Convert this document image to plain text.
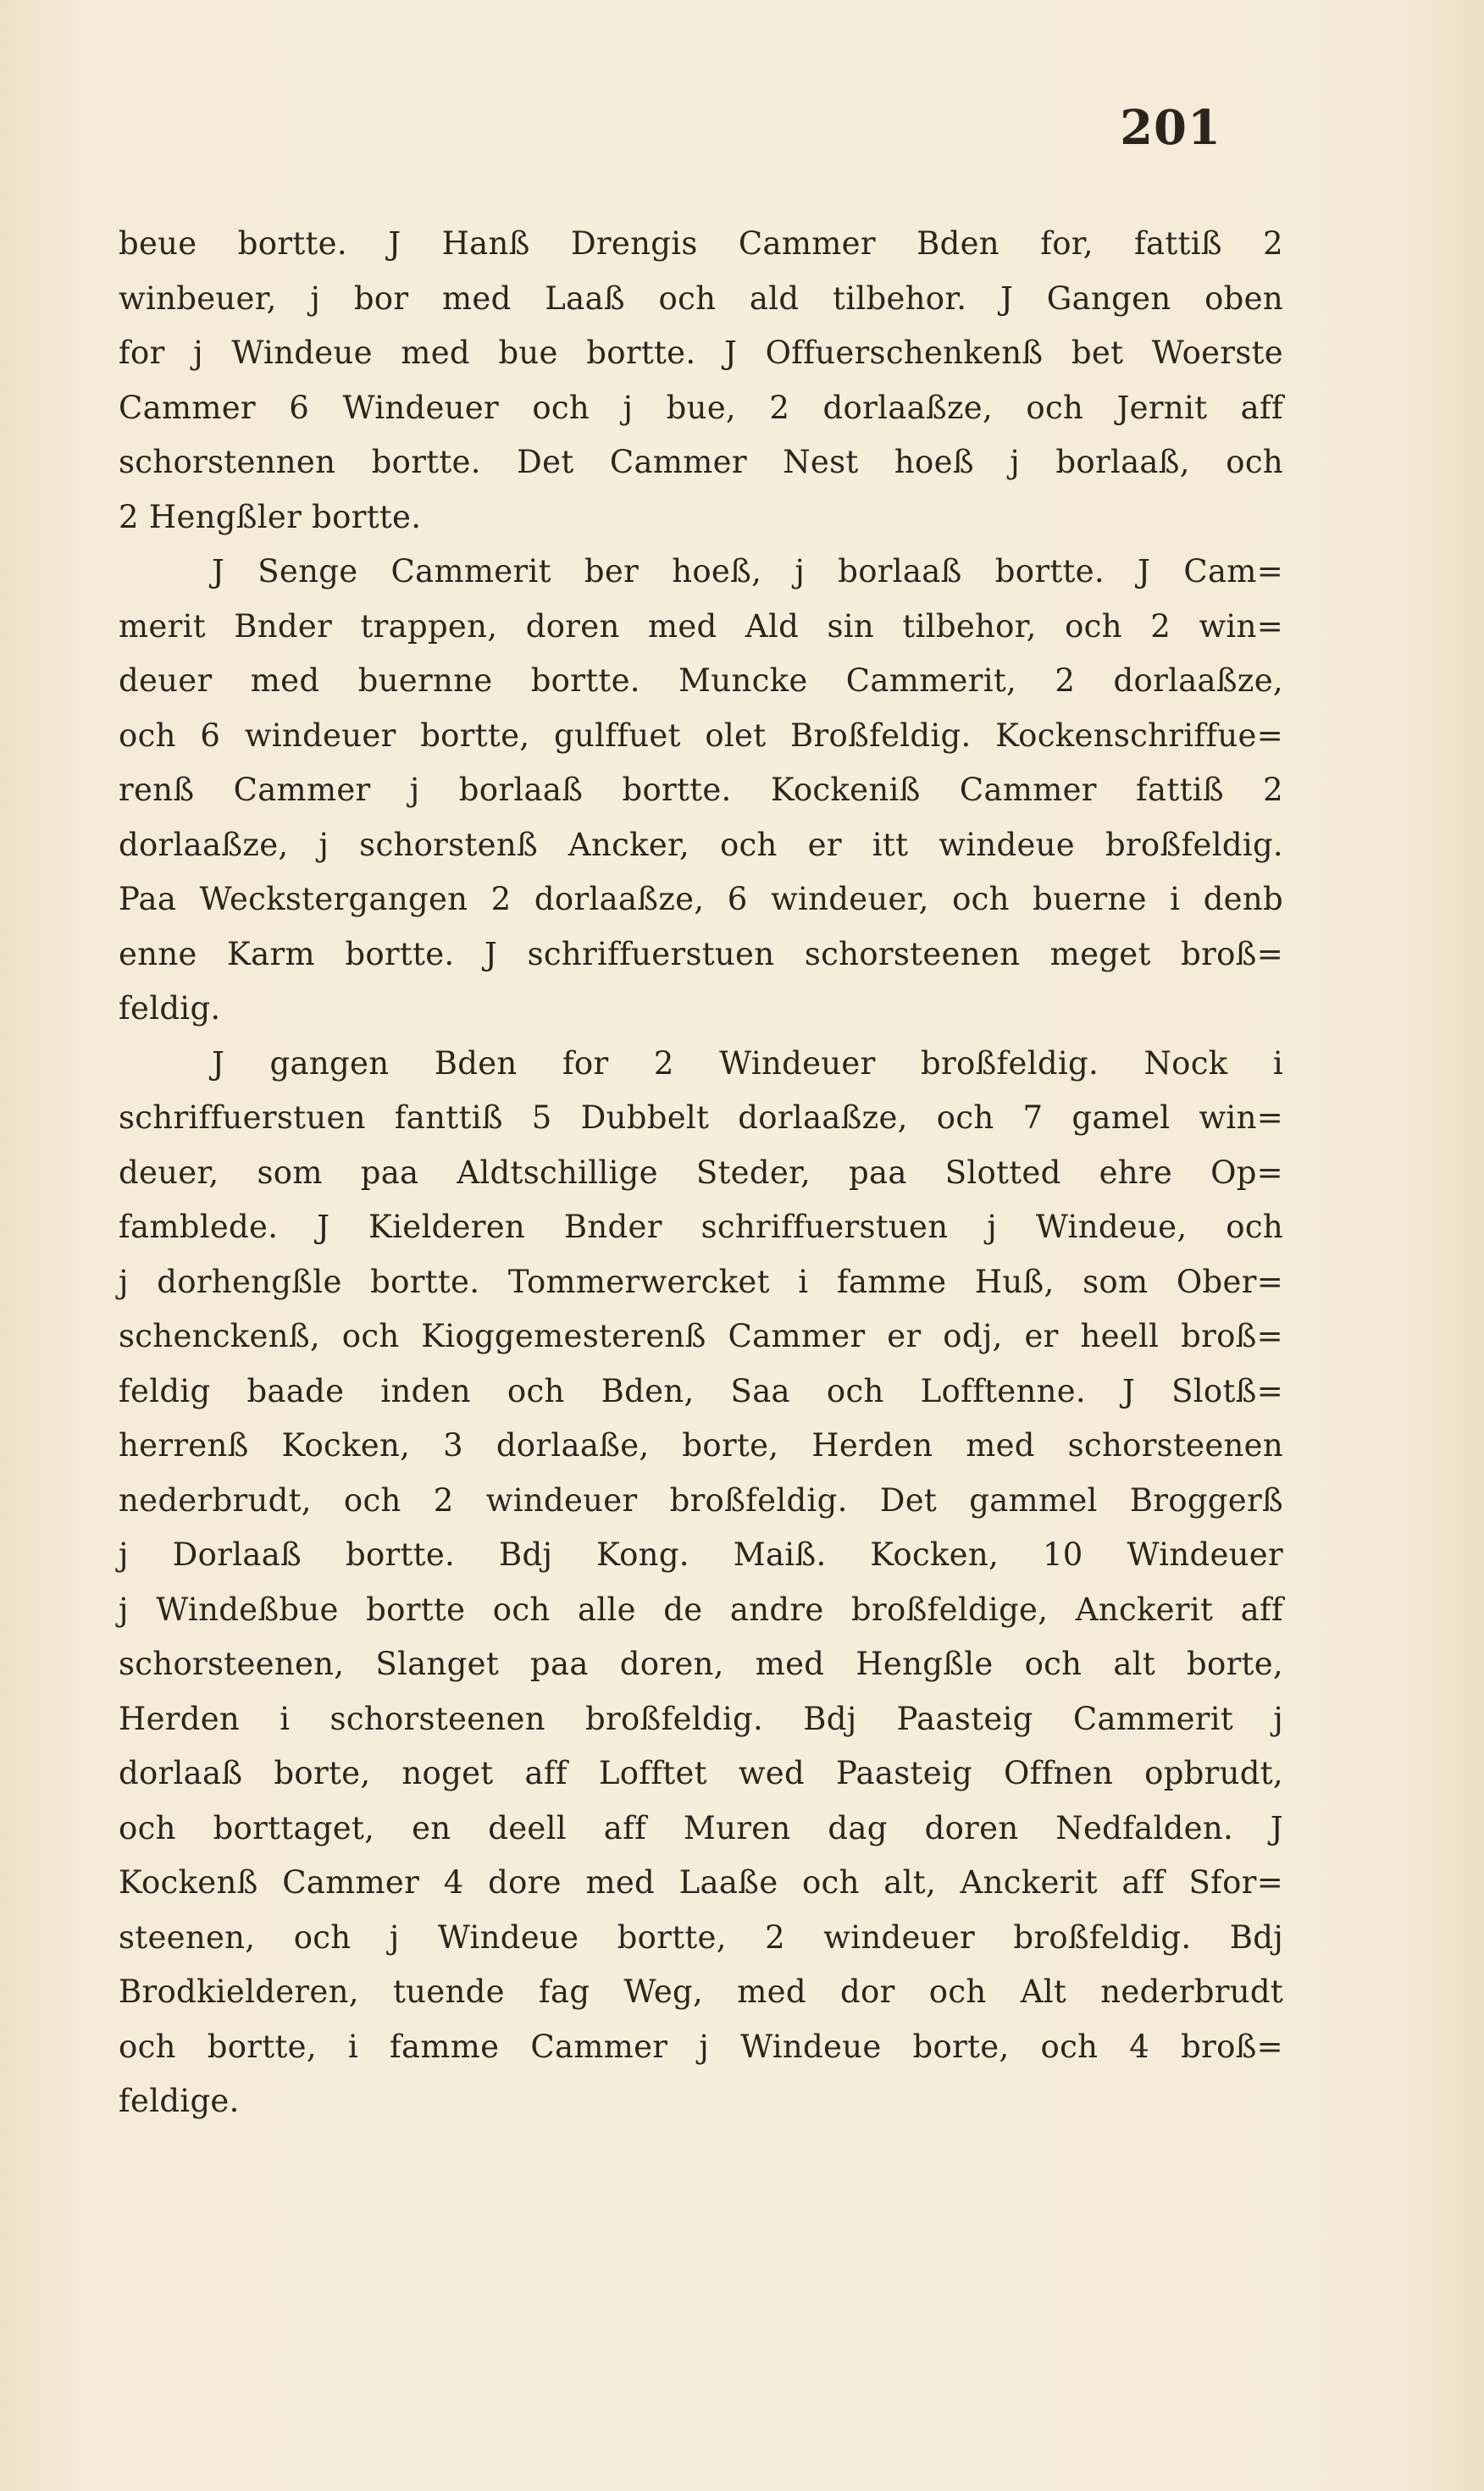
201
beue bortte. J Hanß Drengis Cammer Bden for, fattiß 2
winbeuer, j bor med Laaß och ald tilbehor. J Gangen oben
for j Windeue med bue bortte. J Offuerschenkenß bet Woerste
Cammer 6 Windeuer och j bue, 2 dorlaaßze, och Jernit aff
schorstennen bortte. Det Cammer Nest hoeß j borlaaß, och
2 Hengßler bortte.
J Senge Cammerit ber hoeß, j borlaaß bortte. J Cam=
merit Bnder trappen, doren med Ald sin tilbehor, och 2 win=
deuer med buernne bortte. Muncke Cammerit, 2 dorlaaßze,
och 6 windeuer bortte, gulffuet olet Broßfeldig. Kockenschriffue=
renß Cammer j borlaaß bortte. Kockeniß Cammer fattiß 2
dorlaaßze, j schorstenß Ancker, och er itt windeue broßfeldig.
Paa Weckstergangen 2 dorlaaßze, 6 windeuer, och buerne i denb
enne Karm bortte. J schriffuerstuen schorsteenen meget broß=
feldig.
J gangen Bden for 2 Windeuer broßfeldig. Nock i
schriffuerstuen fanttiß 5 Dubbelt dorlaaßze, och 7 gamel win=
deuer, som paa Aldtschillige Steder, paa Slotted ehre Op=
famblede. J Kielderen Bnder schriffuerstuen j Windeue, och
j dorhengßle bortte. Tommerwercket i famme Huß, som Ober=
schenckenß, och Kioggemesterenß Cammer er odj, er heell broß=
feldig baade inden och Bden, Saa och Lofftenne. J Slotß=
herrenß Kocken, 3 dorlaaße, borte, Herden med schorsteenen
nederbrudt, och 2 windeuer broßfeldig. Det gammel Broggerß
j Dorlaaß bortte. Bdj Kong. Maiß. Kocken, 10 Windeuer
j Windeßbue bortte och alle de andre broßfeldige, Anckerit aff
schorsteenen, Slanget paa doren, med Hengßle och alt borte,
Herden i schorsteenen broßfeldig. Bdj Paasteig Cammerit j
dorlaaß borte, noget aff Lofftet wed Paasteig Offnen opbrudt,
och borttaget, en deell aff Muren dag doren Nedfalden. J
Kockenß Cammer 4 dore med Laaße och alt, Anckerit aff Sfor=
steenen, och j Windeue bortte, 2 windeuer broßfeldig. Bdj
Brodkielderen, tuende fag Weg, med dor och Alt nederbrudt
och bortte, i famme Cammer j Windeue borte, och 4 broß=
feldige.
